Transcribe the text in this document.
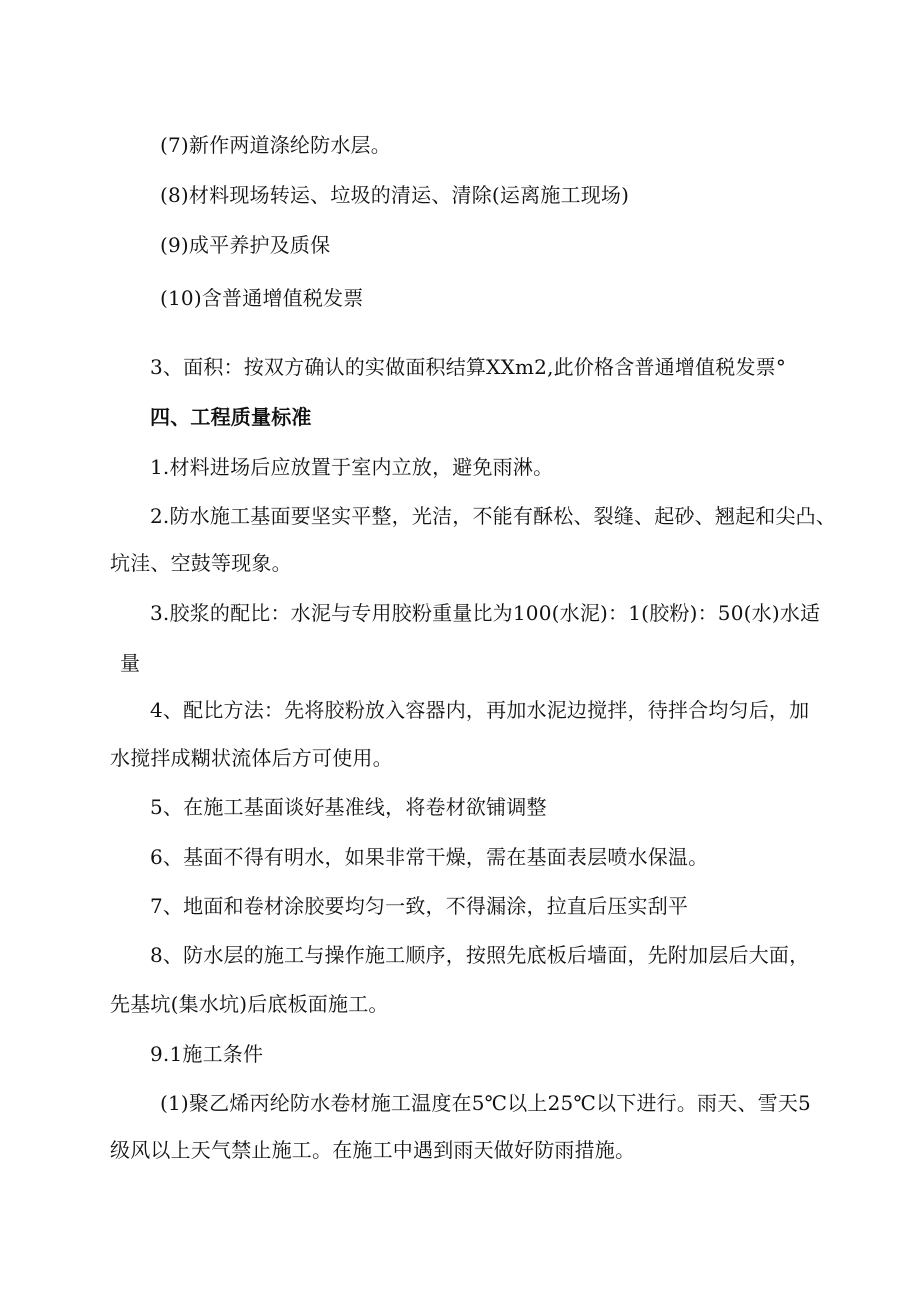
(7)新作两道涤纶防水层。
(8)材料现场转运、垃圾的清运、清除(运离施工现场)
(9)成平养护及质保
(10)含普通增值税发票
3、面积：按双方确认的实做面积结算XXm2,此价格含普通增值税发票°
四、工程质量标准
1.材料进场后应放置于室内立放，避免雨淋。
2.防水施工基面要坚实平整，光洁，不能有酥松、裂缝、起砂、翘起和尖凸、
坑洼、空鼓等现象。
3.胶浆的配比：水泥与专用胶粉重量比为100(水泥)：1(胶粉)：50(水)水适
量
4、配比方法：先将胶粉放入容器内，再加水泥边搅拌，待拌合均匀后，加
水搅拌成糊状流体后方可使用。
5、在施工基面谈好基准线，将卷材欲铺调整
6、基面不得有明水，如果非常干燥，需在基面表层喷水保温。
7、地面和卷材涂胶要均匀一致，不得漏涂，拉直后压实刮平
8、防水层的施工与操作施工顺序，按照先底板后墙面，先附加层后大面，
先基坑(集水坑)后底板面施工。
9.1施工条件
(1)聚乙烯丙纶防水卷材施工温度在5℃以上25℃以下进行。雨天、雪天5
级风以上天气禁止施工。在施工中遇到雨天做好防雨措施。
